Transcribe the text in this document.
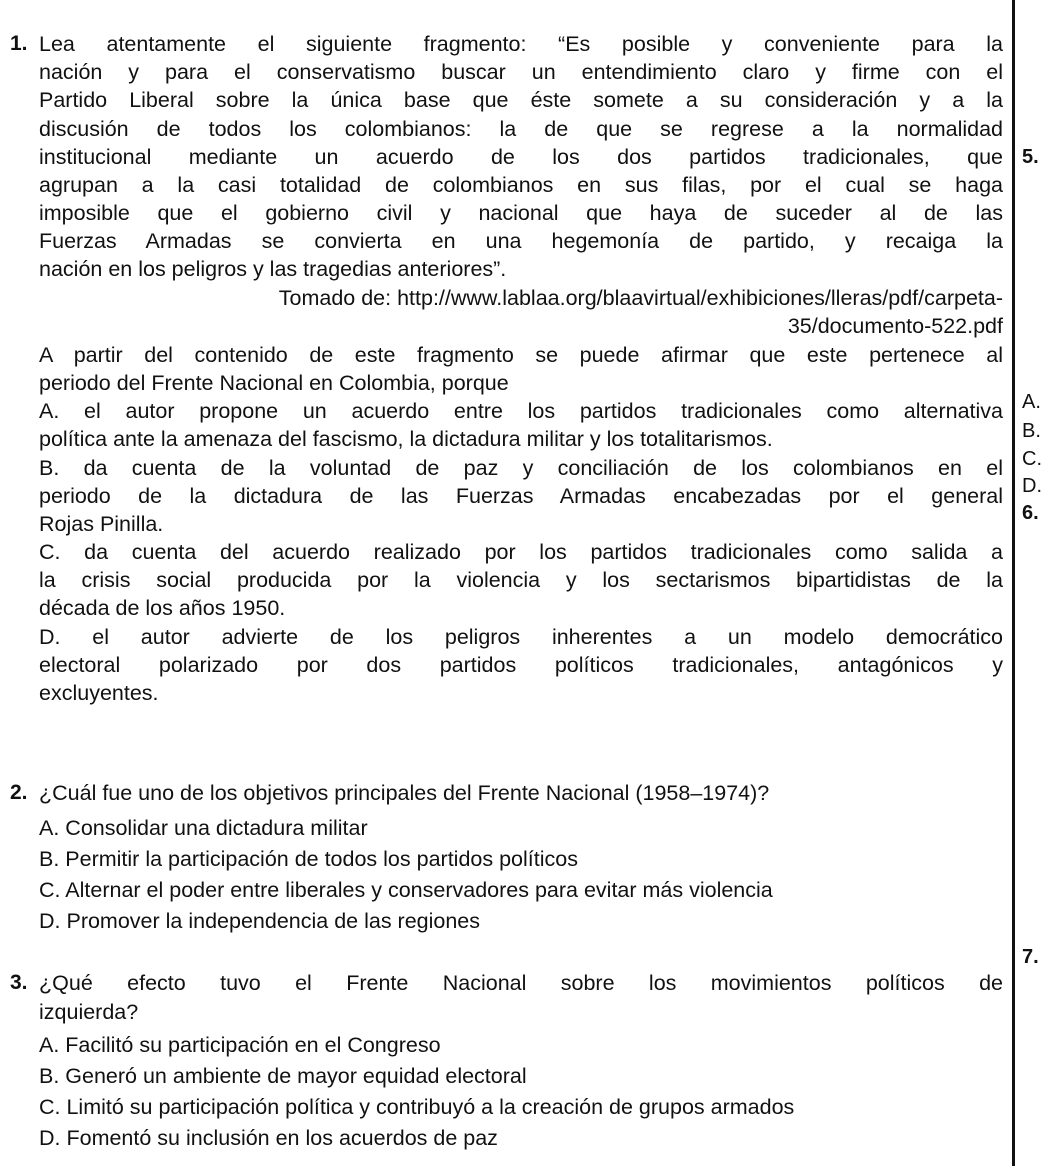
Lea atentamente el siguiente fragmento: “Es posible y conveniente para la
nación y para el conservatismo buscar un entendimiento claro y firme con el
Partido Liberal sobre la única base que éste somete a su consideración y a la
discusión de todos los colombianos: la de que se regrese a la normalidad
institucional mediante un acuerdo de los dos partidos tradicionales, que
agrupan a la casi totalidad de colombianos en sus filas, por el cual se haga
imposible que el gobierno civil y nacional que haya de suceder al de las
Fuerzas Armadas se convierta en una hegemonía de partido, y recaiga la
nación en los peligros y las tragedias anteriores”.
Tomado de: http://www.lablaa.org/blaavirtual/exhibiciones/lleras/pdf/carpeta-
35/documento-522.pdf
A partir del contenido de este fragmento se puede afirmar que este pertenece al
periodo del Frente Nacional en Colombia, porque
A. el autor propone un acuerdo entre los partidos tradicionales como alternativa
política ante la amenaza del fascismo, la dictadura militar y los totalitarismos.
B. da cuenta de la voluntad de paz y conciliación de los colombianos en el
periodo de la dictadura de las Fuerzas Armadas encabezadas por el general
Rojas Pinilla.
C. da cuenta del acuerdo realizado por los partidos tradicionales como salida a
la crisis social producida por la violencia y los sectarismos bipartidistas de la
década de los años 1950.
D. el autor advierte de los peligros inherentes a un modelo democrático
electoral polarizado por dos partidos políticos tradicionales, antagónicos y
excluyentes.
¿Cuál fue uno de los objetivos principales del Frente Nacional (1958–1974)?
A. Consolidar una dictadura militar
B. Permitir la participación de todos los partidos políticos
C. Alternar el poder entre liberales y conservadores para evitar más violencia
D. Promover la independencia de las regiones
¿Qué efecto tuvo el Frente Nacional sobre los movimientos políticos de
izquierda?
A. Facilitó su participación en el Congreso
B. Generó un ambiente de mayor equidad electoral
C. Limitó su participación política y contribuyó a la creación de grupos armados
D. Fomentó su inclusión en los acuerdos de paz
1.
2.
3.
5.
A.
B.
C.
D.
6.
7.
